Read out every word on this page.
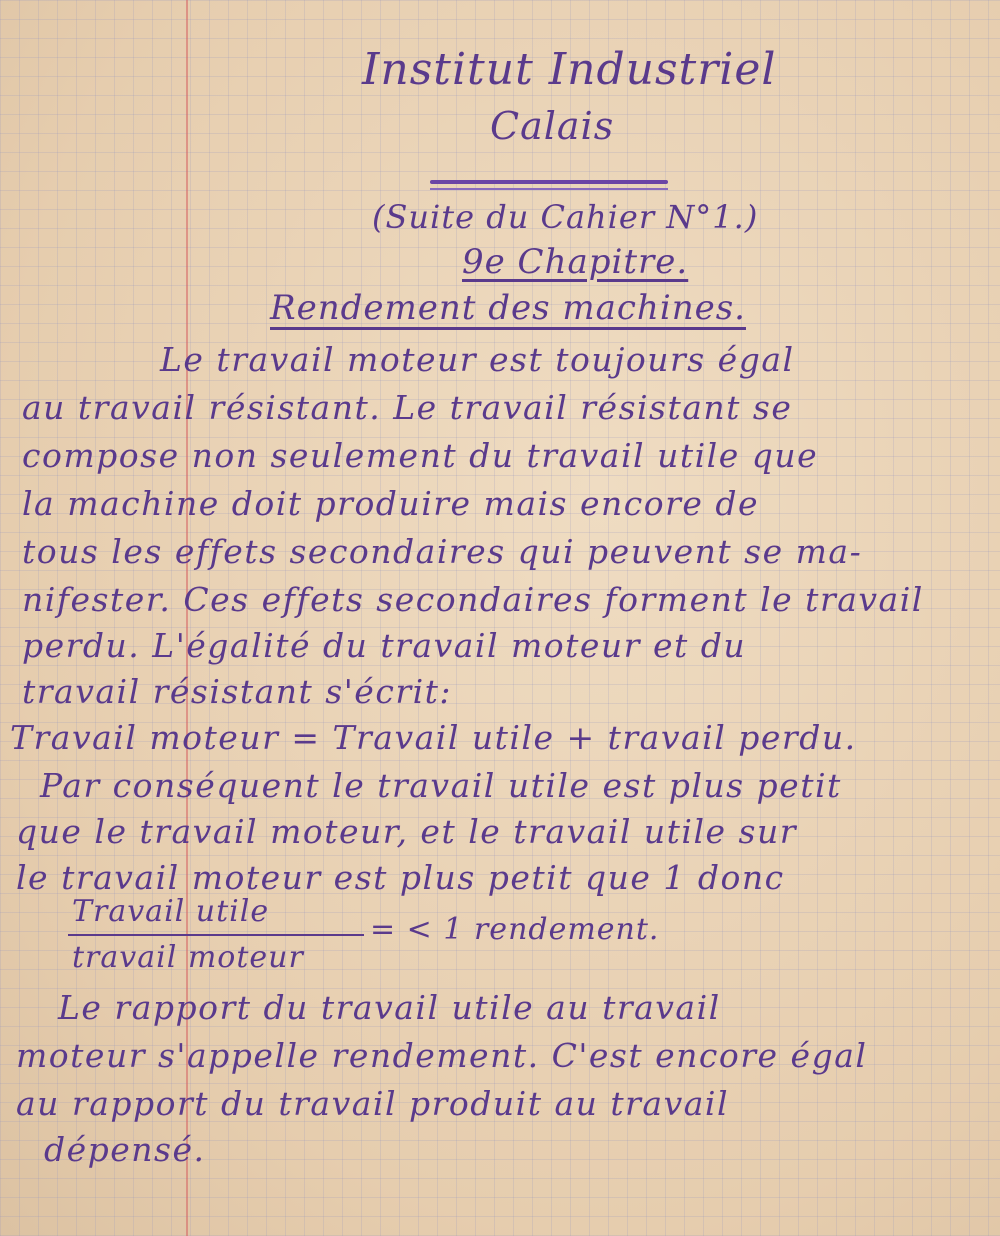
Institut Industriel
Calais
(Suite du Cahier N°1.)
9e Chapitre.
Rendement des machines.
Le travail moteur est toujours égal
au travail résistant. Le travail résistant se
compose non seulement du travail utile que
la machine doit produire mais encore de
tous les effets secondaires qui peuvent se ma-
nifester. Ces effets secondaires forment le travail
perdu. L'égalité du travail moteur et du
travail résistant s'écrit:
Travail moteur = Travail utile + travail perdu.
Par conséquent le travail utile est plus petit
que le travail moteur, et le travail utile sur
le travail moteur est plus petit que 1 donc
Travail utile
travail moteur
= < 1 rendement.
Le rapport du travail utile au travail
moteur s'appelle rendement. C'est encore égal
au rapport du travail produit au travail
dépensé.
